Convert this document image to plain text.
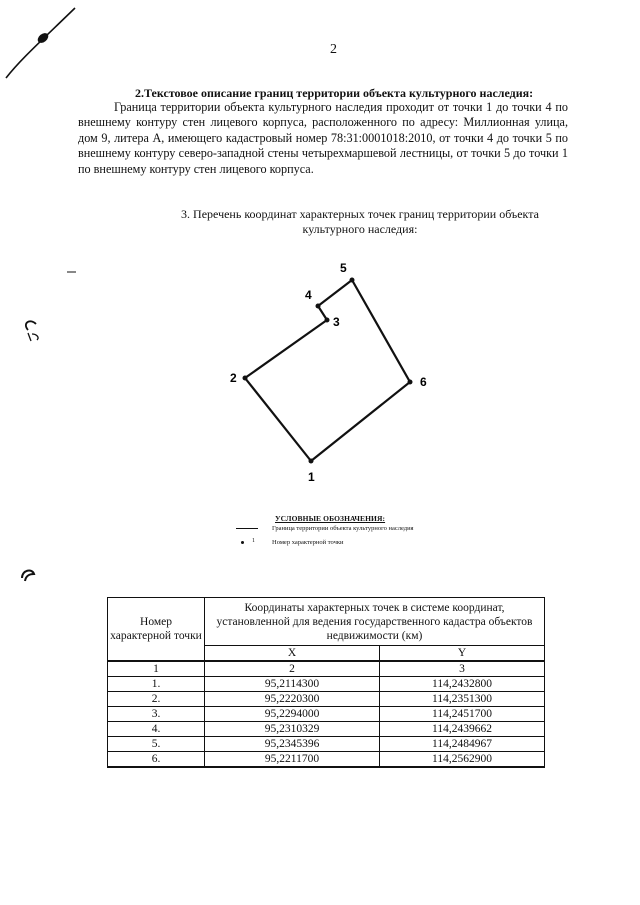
2
2.Текстовое описание границ территории объекта культурного наследия:
Граница территории объекта культурного наследия проходит от точки 1 до точки 4 по внешнему контуру стен лицевого корпуса, расположенного по адресу: Миллионная улица, дом 9, литера А, имеющего кадастровый номер 78:31:0001018:2010, от точки 4 до точки 5 по внешнему контуру северо-западной стены четырехмаршевой лестницы, от точки 5 до точки 1 по внешнему контуру стен лицевого корпуса.
3. Перечень координат характерных точек границ территории объекта культурного наследия:
1
2
3
4
5
6
УСЛОВНЫЕ ОБОЗНАЧЕНИЯ:
Граница территории объекта культурного наследия
1	Номер характерной точки
Номер характерной точки	Координаты характерных точек в системе координат, установленной для ведения государственного кадастра объектов недвижимости (км)	
	X	Y
1	2	3
1.	95,2114300	114,2432800
2.	95,2220300	114,2351300
3.	95,2294000	114,2451700
4.	95,2310329	114,2439662
5.	95,2345396	114,2484967
6.	95,2211700	114,2562900
